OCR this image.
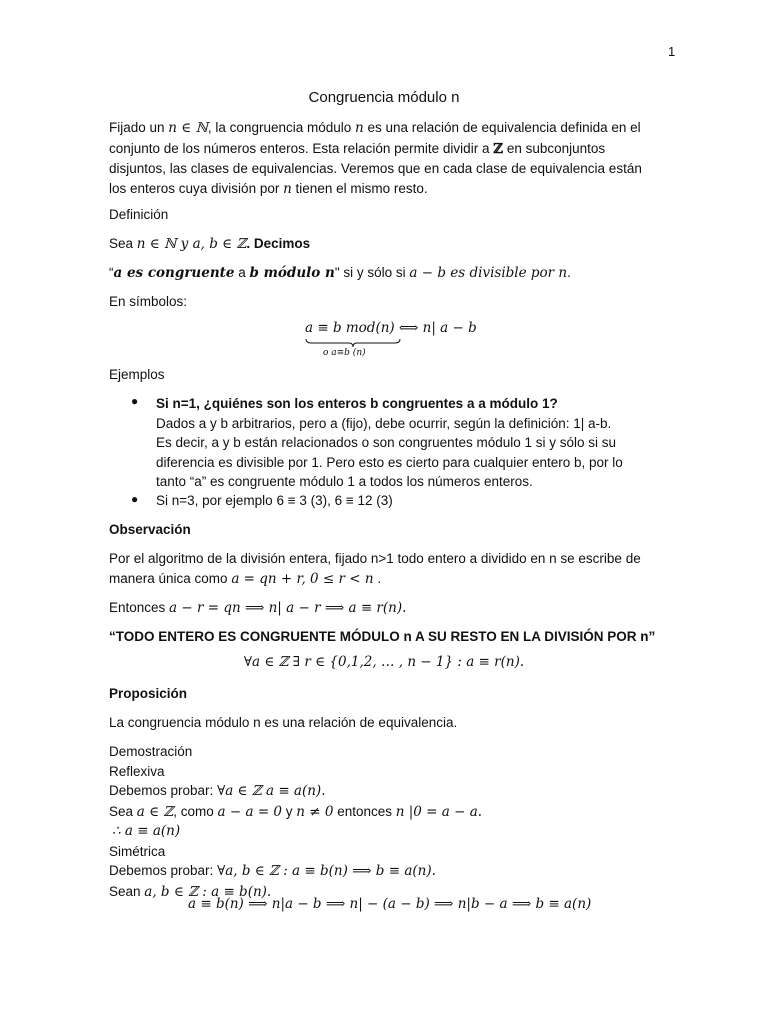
1
Congruencia módulo n
Fijado un n ∈ ℕ, la congruencia módulo n es una relación de equivalencia definida en el
conjunto de los números enteros. Esta relación permite dividir a ℤ en subconjuntos
disjuntos, las clases de equivalencias. Veremos que en cada clase de equivalencia están
los enteros cuya división por n tienen el mismo resto.
Definición
Sea n ∈ ℕ y a, b ∈ ℤ. Decimos
“a es congruente a b módulo n" si y sólo si a − b es divisible por n.
En símbolos:
a ≡ b mod(n)
o a≡b (n)
⟺ n| a − b
Ejemplos
● Si n=1, ¿quiénes son los enteros b congruentes a a módulo 1?
Dados a y b arbitrarios, pero a (fijo), debe ocurrir, según la definición: 1| a-b.
Es decir, a y b están relacionados o son congruentes módulo 1 si y sólo si su
diferencia es divisible por 1. Pero esto es cierto para cualquier entero b, por lo
tanto “a” es congruente módulo 1 a todos los números enteros.
● Si n=3, por ejemplo 6 ≡ 3 (3), 6 ≡ 12 (3)
Observación
Por el algoritmo de la división entera, fijado n>1 todo entero a dividido en n se escribe de
manera única como a = qn + r, 0 ≤ r < n .
Entonces a − r = qn ⟹ n| a − r ⟹ a ≡ r(n).
“TODO ENTERO ES CONGRUENTE MÓDULO n A SU RESTO EN LA DIVISIÓN POR n”
∀a ∈ ℤ ∃ r ∈ {0,1,2, … , n − 1} : a ≡ r(n).
Proposición
La congruencia módulo n es una relación de equivalencia.
Demostración
Reflexiva
Debemos probar: ∀a ∈ ℤ a ≡ a(n).
Sea a ∈ ℤ, como a − a = 0 y n ≠ 0 entonces n |0 = a − a.
∴ a ≡ a(n)
Simétrica
Debemos probar: ∀a, b ∈ ℤ : a ≡ b(n) ⟹ b ≡ a(n).
Sean a, b ∈ ℤ : a ≡ b(n).
a ≡ b(n) ⟹ n|a − b ⟹ n| − (a − b) ⟹ n|b − a ⟹ b ≡ a(n)
